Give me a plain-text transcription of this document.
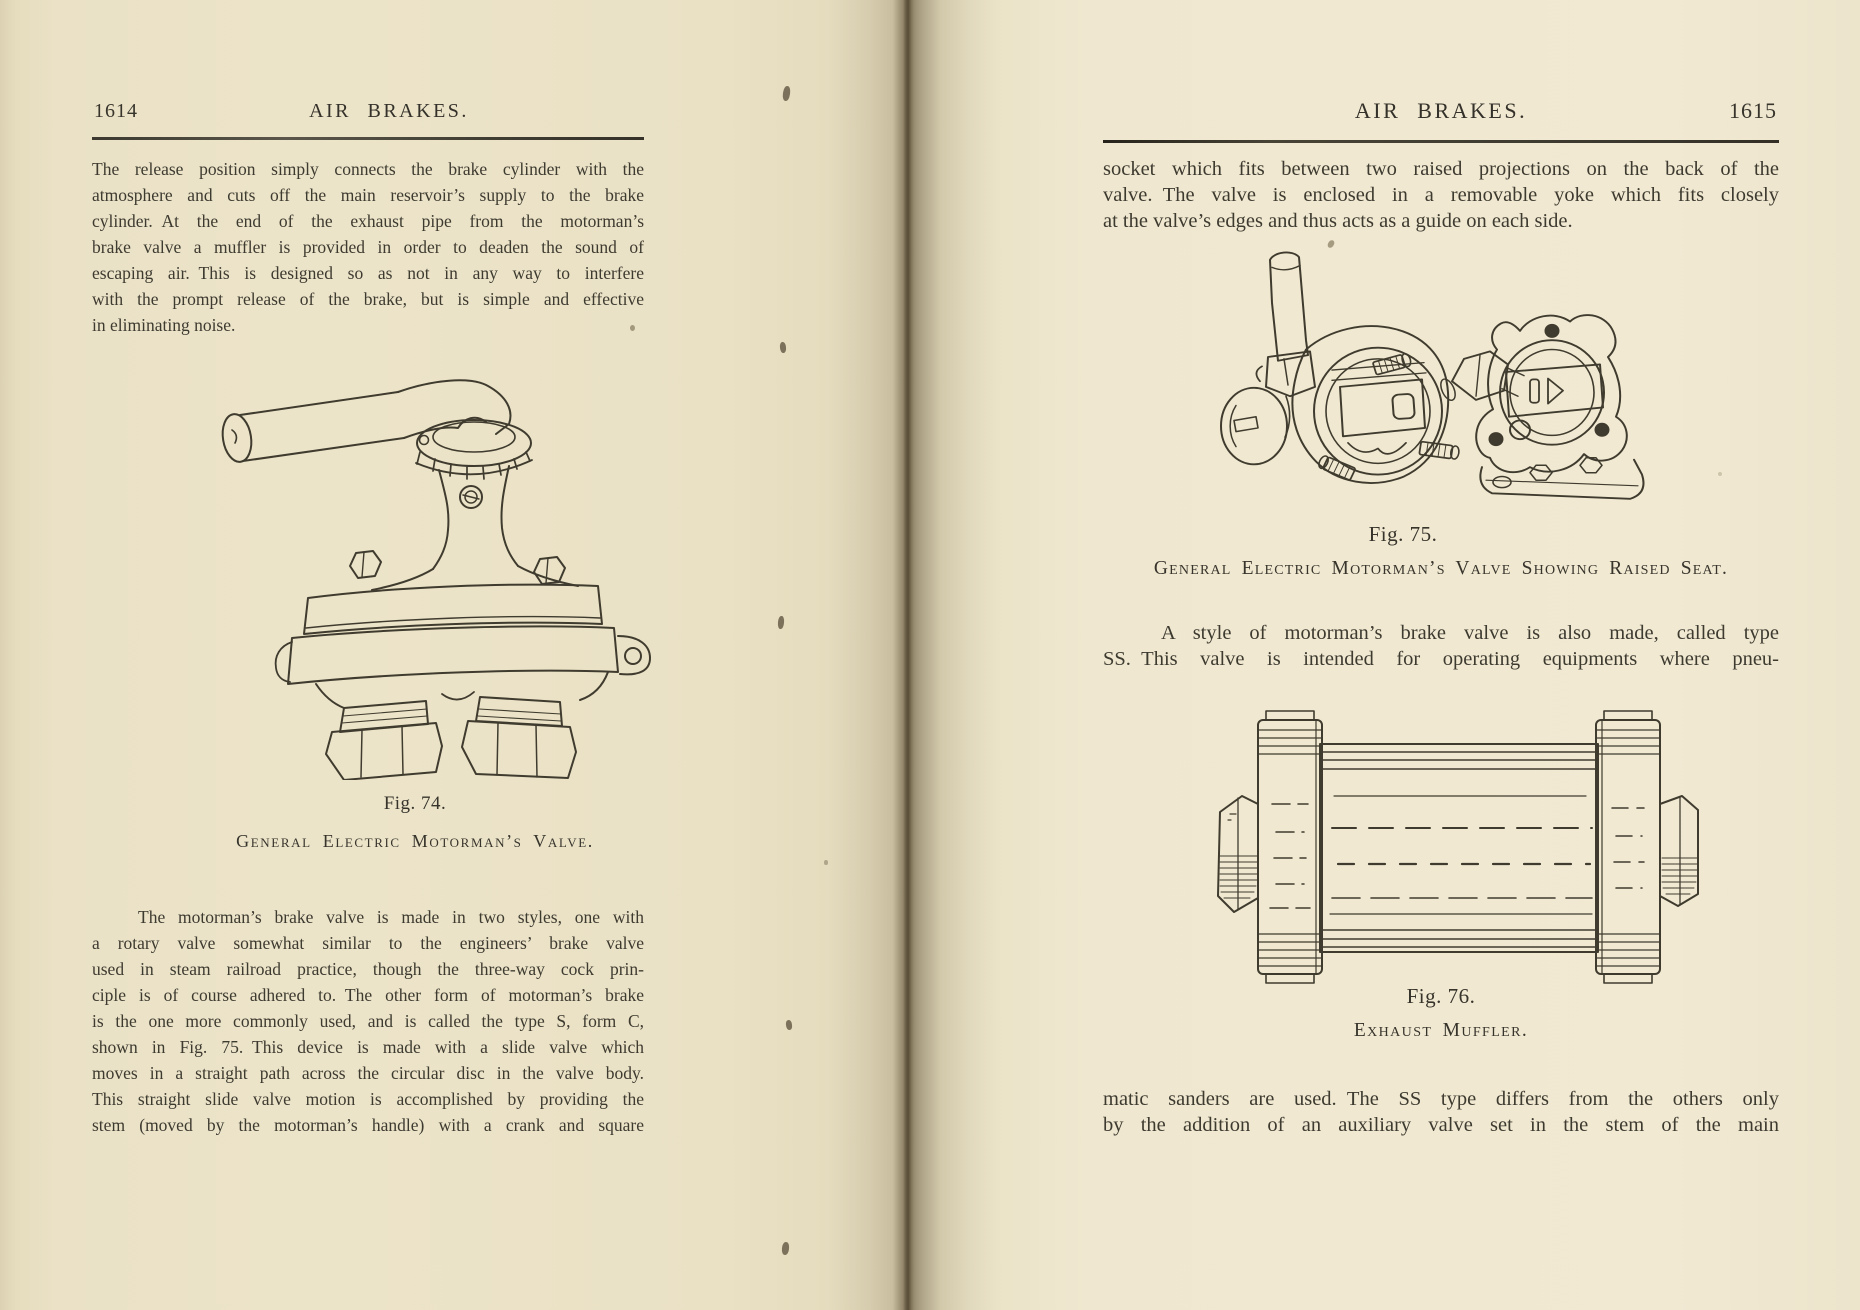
1614	AIR BRAKES.
The release position simply connects the brake cylinder with the
atmosphere and cuts off the main reservoir’s supply to the brake
cylinder. At the end of the exhaust pipe from the motorman’s
brake valve a muffler is provided in order to deaden the sound of
escaping air. This is designed so as not in any way to interfere
with the prompt release of the brake, but is simple and effective
in eliminating noise.
Fig. 74.
General Electric Motorman’s Valve.
The motorman’s brake valve is made in two styles, one with
a rotary valve somewhat similar to the engineers’ brake valve
used in steam railroad practice, though the three-way cock prin-
ciple is of course adhered to. The other form of motorman’s brake
is the one more commonly used, and is called the type S, form C,
shown in Fig. 75. This device is made with a slide valve which
moves in a straight path across the circular disc in the valve body.
This straight slide valve motion is accomplished by providing the
stem (moved by the motorman’s handle) with a crank and square
AIR BRAKES.	1615
socket which fits between two raised projections on the back of the
valve. The valve is enclosed in a removable yoke which fits closely
at the valve’s edges and thus acts as a guide on each side.
Fig. 75.
General Electric Motorman’s Valve Showing Raised Seat.
A style of motorman’s brake valve is also made, called type
SS. This valve is intended for operating equipments where pneu-
Fig. 76.
Exhaust Muffler.
matic sanders are used. The SS type differs from the others only
by the addition of an auxiliary valve set in the stem of the main
